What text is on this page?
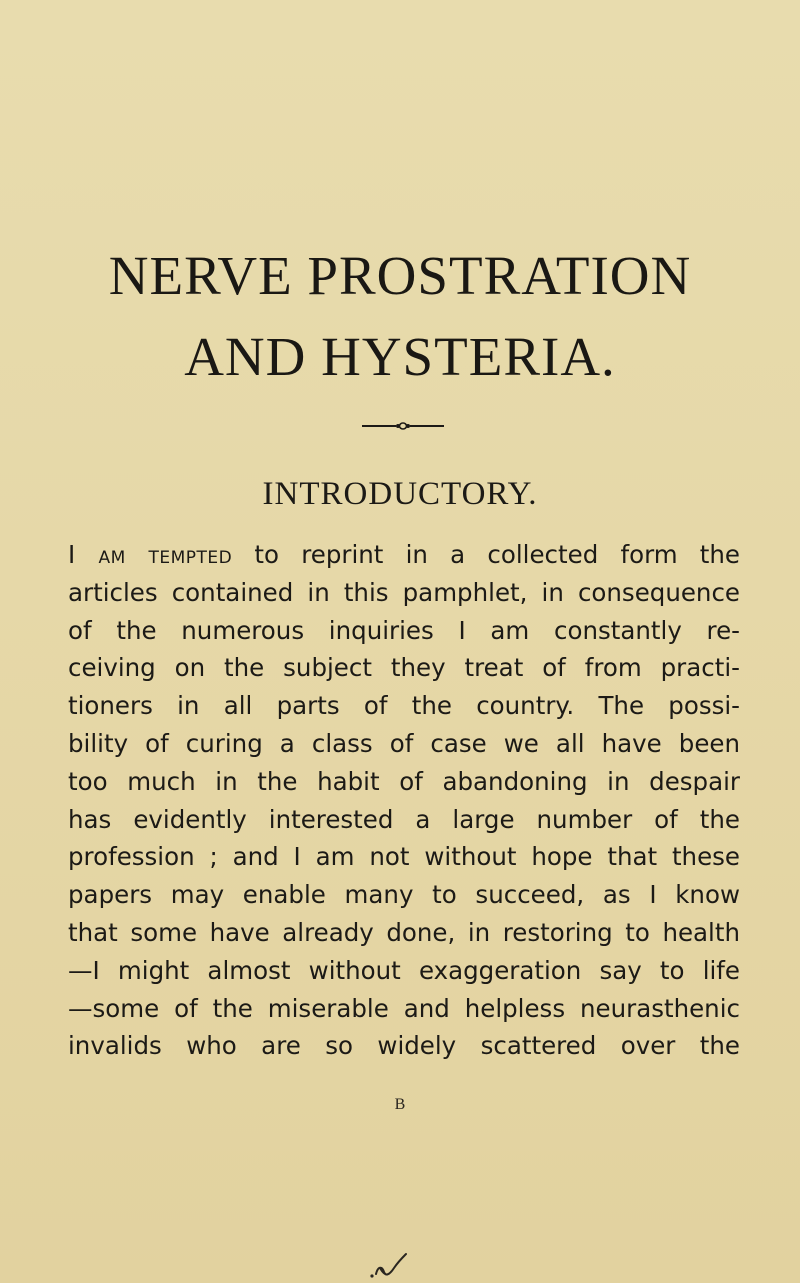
NERVE PROSTRATION
AND HYSTERIA.
INTRODUCTORY.
I am tempted to reprint in a collected form the
articles contained in this pamphlet, in consequence
of the numerous inquiries I am constantly re-
ceiving on the subject they treat of from practi-
tioners in all parts of the country. The possi-
bility of curing a class of case we all have been
too much in the habit of abandoning in despair
has evidently interested a large number of the
profession ; and I am not without hope that these
papers may enable many to succeed, as I know
that some have already done, in restoring to health
—I might almost without exaggeration say to life
—some of the miserable and helpless neurasthenic
invalids who are so widely scattered over the
B
